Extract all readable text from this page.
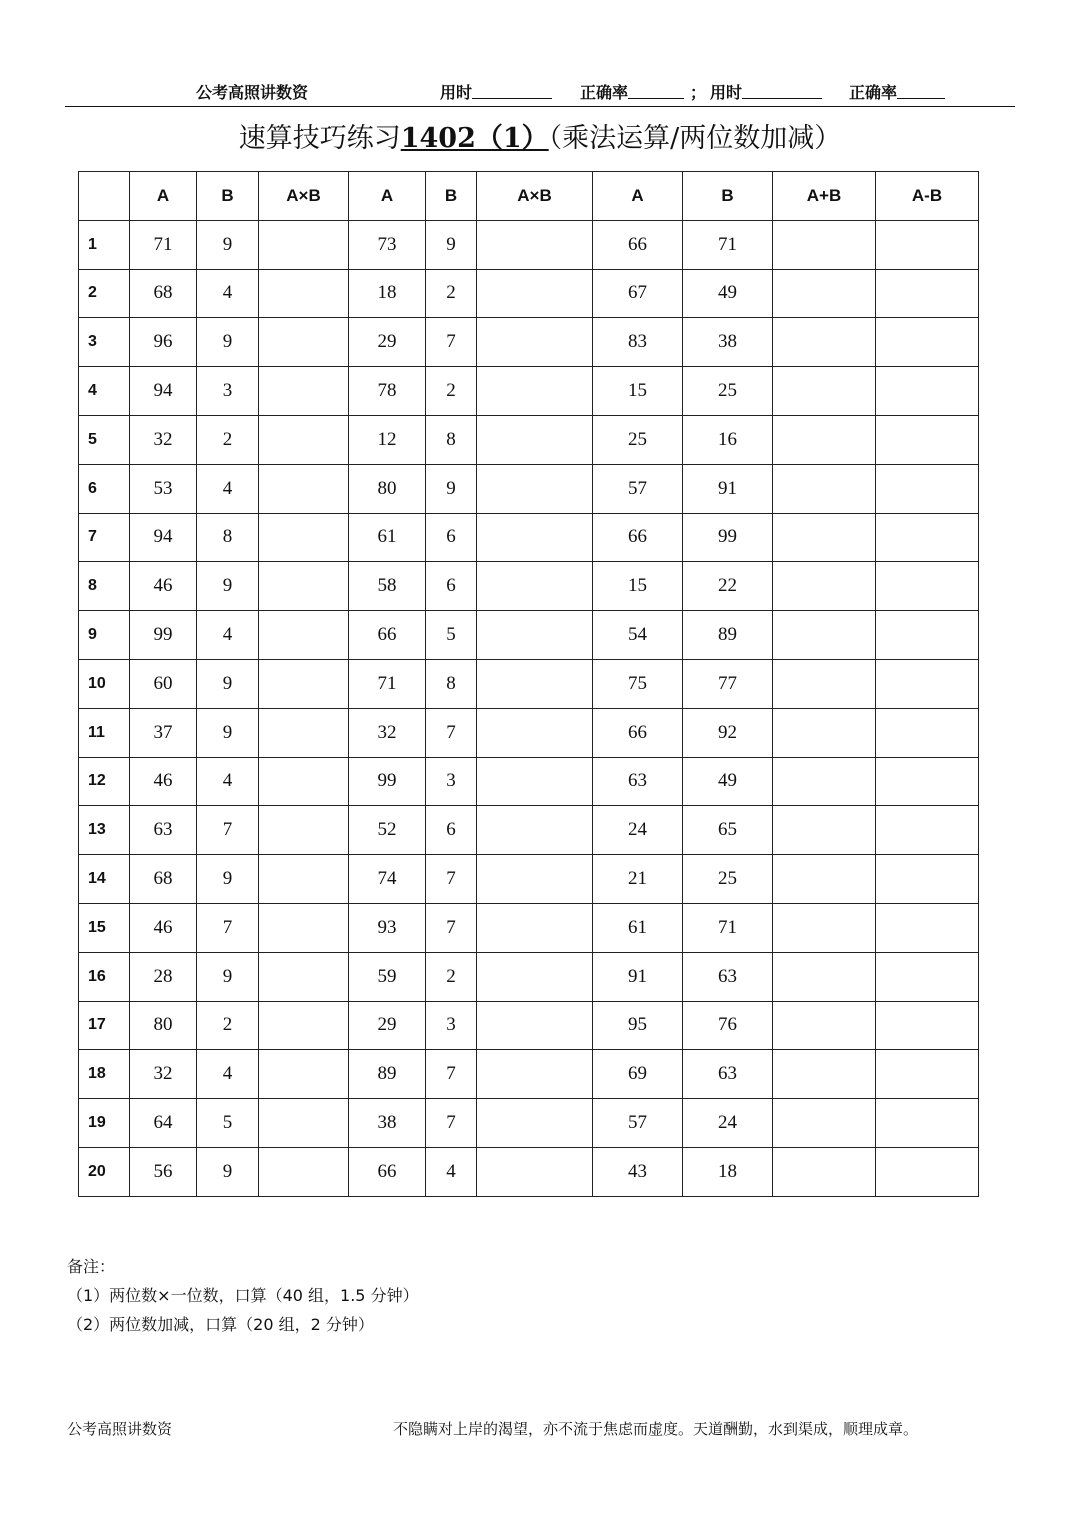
公考高照讲数资	用时	正确率	； 用时	正确率
速算技巧练习1402（1）（乘法运算/两位数加减）
	A	B	A×B	A	B	A×B	A	B	A+B	A-B
1	71	9		73	9		66	71		
2	68	4		18	2		67	49		
3	96	9		29	7		83	38		
4	94	3		78	2		15	25		
5	32	2		12	8		25	16		
6	53	4		80	9		57	91		
7	94	8		61	6		66	99		
8	46	9		58	6		15	22		
9	99	4		66	5		54	89		
10	60	9		71	8		75	77		
11	37	9		32	7		66	92		
12	46	4		99	3		63	49		
13	63	7		52	6		24	65		
14	68	9		74	7		21	25		
15	46	7		93	7		61	71		
16	28	9		59	2		91	63		
17	80	2		29	3		95	76		
18	32	4		89	7		69	63		
19	64	5		38	7		57	24		
20	56	9		66	4		43	18		
备注：
（1）两位数×一位数，口算（40 组，1.5 分钟）
（2）两位数加减，口算（20 组，2 分钟）
公考高照讲数资	不隐瞒对上岸的渴望，亦不流于焦虑而虚度。天道酬勤，水到渠成，顺理成章。
